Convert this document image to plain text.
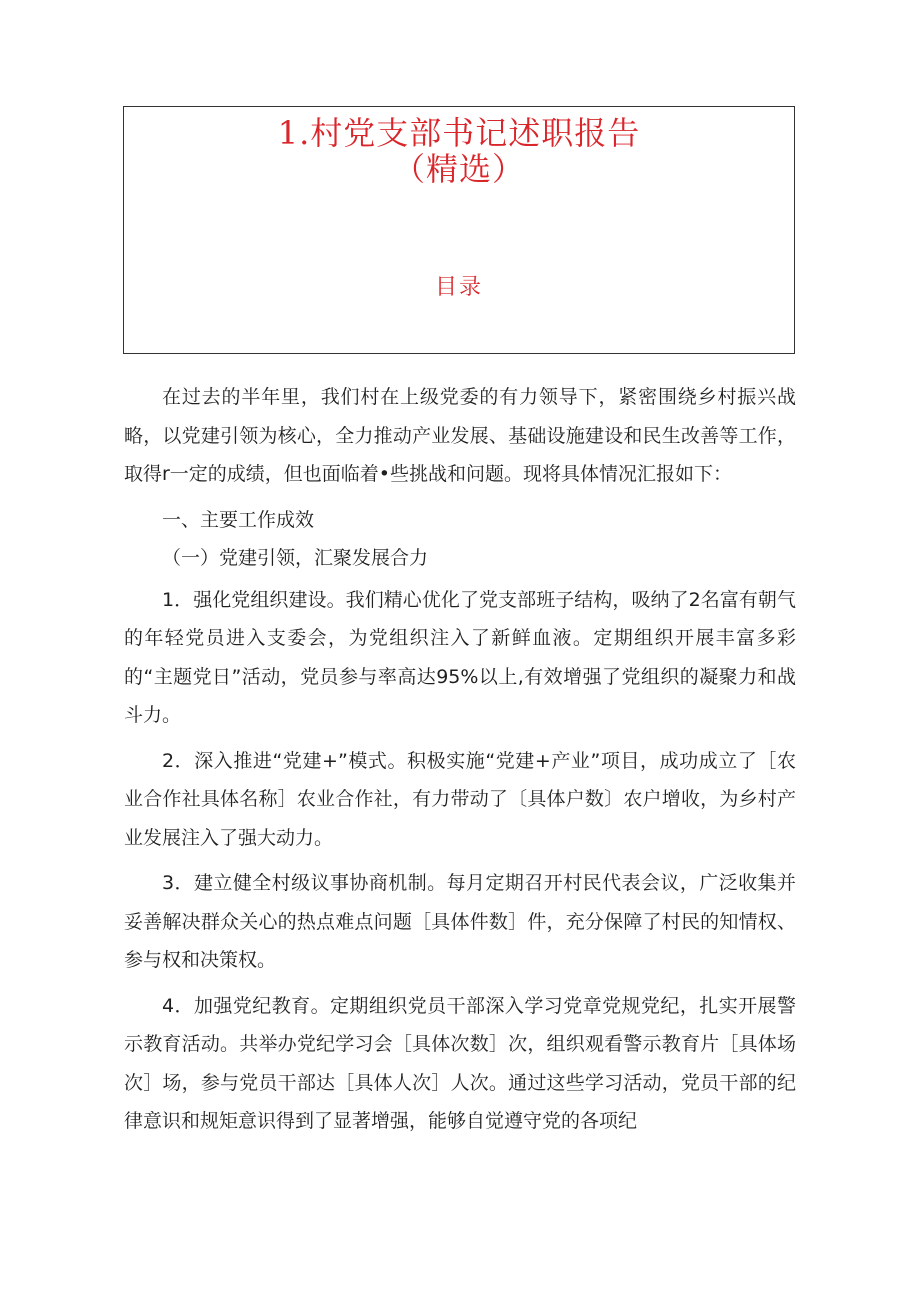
1.村党支部书记述职报告
（精选）
目录

在过去的半年里，我们村在上级党委的有力领导下，紧密围绕乡村振兴战略，以党建引领为核心，全力推动产业发展、基础设施建设和民生改善等工作，取得r一定的成绩，但也面临着•些挑战和问题。现将具体情况汇报如下：

一、主要工作成效

（一）党建引领，汇聚发展合力

1．强化党组织建设。我们精心优化了党支部班子结构，吸纳了2名富有朝气的年轻党员进入支委会，为党组织注入了新鲜血液。定期组织开展丰富多彩的“主题党日”活动，党员参与率高达95%以上,有效增强了党组织的凝聚力和战斗力。

2．深入推进“党建+”模式。积极实施“党建+产业”项目，成功成立了［农业合作社具体名称］农业合作社，有力带动了〔具体户数〕农户增收，为乡村产业发展注入了强大动力。

3．建立健全村级议事协商机制。每月定期召开村民代表会议，广泛收集并妥善解决群众关心的热点难点问题［具体件数］件，充分保障了村民的知情权、参与权和决策权。

4．加强党纪教育。定期组织党员干部深入学习党章党规党纪，扎实开展警示教育活动。共举办党纪学习会［具体次数］次，组织观看警示教育片［具体场次］场，参与党员干部达［具体人次］人次。通过这些学习活动，党员干部的纪律意识和规矩意识得到了显著增强，能够自觉遵守党的各项纪
